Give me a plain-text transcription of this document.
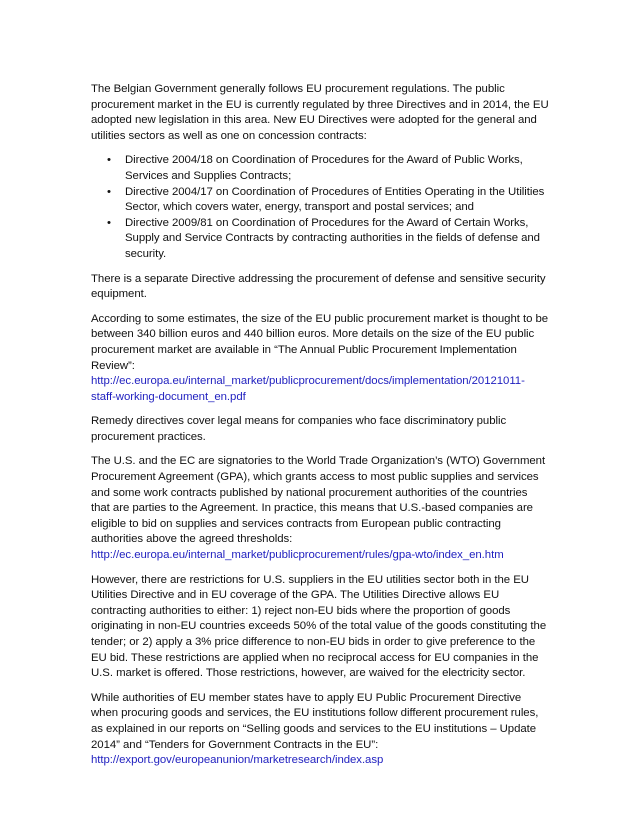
The Belgian Government generally follows EU procurement regulations. The public procurement market in the EU is currently regulated by three Directives and in 2014, the EU adopted new legislation in this area. New EU Directives were adopted for the general and utilities sectors as well as one on concession contracts:

• Directive 2004/18 on Coordination of Procedures for the Award of Public Works, Services and Supplies Contracts;
• Directive 2004/17 on Coordination of Procedures of Entities Operating in the Utilities Sector, which covers water, energy, transport and postal services; and
• Directive 2009/81 on Coordination of Procedures for the Award of Certain Works, Supply and Service Contracts by contracting authorities in the fields of defense and security.

There is a separate Directive addressing the procurement of defense and sensitive security equipment.

According to some estimates, the size of the EU public procurement market is thought to be between 340 billion euros and 440 billion euros. More details on the size of the EU public procurement market are available in “The Annual Public Procurement Implementation Review”:
http://ec.europa.eu/internal_market/publicprocurement/docs/implementation/20121011-staff-working-document_en.pdf

Remedy directives cover legal means for companies who face discriminatory public procurement practices.

The U.S. and the EC are signatories to the World Trade Organization’s (WTO) Government Procurement Agreement (GPA), which grants access to most public supplies and services and some work contracts published by national procurement authorities of the countries that are parties to the Agreement. In practice, this means that U.S.-based companies are eligible to bid on supplies and services contracts from European public contracting authorities above the agreed thresholds:
http://ec.europa.eu/internal_market/publicprocurement/rules/gpa-wto/index_en.htm

However, there are restrictions for U.S. suppliers in the EU utilities sector both in the EU Utilities Directive and in EU coverage of the GPA. The Utilities Directive allows EU contracting authorities to either: 1) reject non-EU bids where the proportion of goods originating in non-EU countries exceeds 50% of the total value of the goods constituting the tender; or 2) apply a 3% price difference to non-EU bids in order to give preference to the EU bid. These restrictions are applied when no reciprocal access for EU companies in the U.S. market is offered. Those restrictions, however, are waived for the electricity sector.

While authorities of EU member states have to apply EU Public Procurement Directive when procuring goods and services, the EU institutions follow different procurement rules, as explained in our reports on “Selling goods and services to the EU institutions – Update 2014” and “Tenders for Government Contracts in the EU”:
http://export.gov/europeanunion/marketresearch/index.asp
